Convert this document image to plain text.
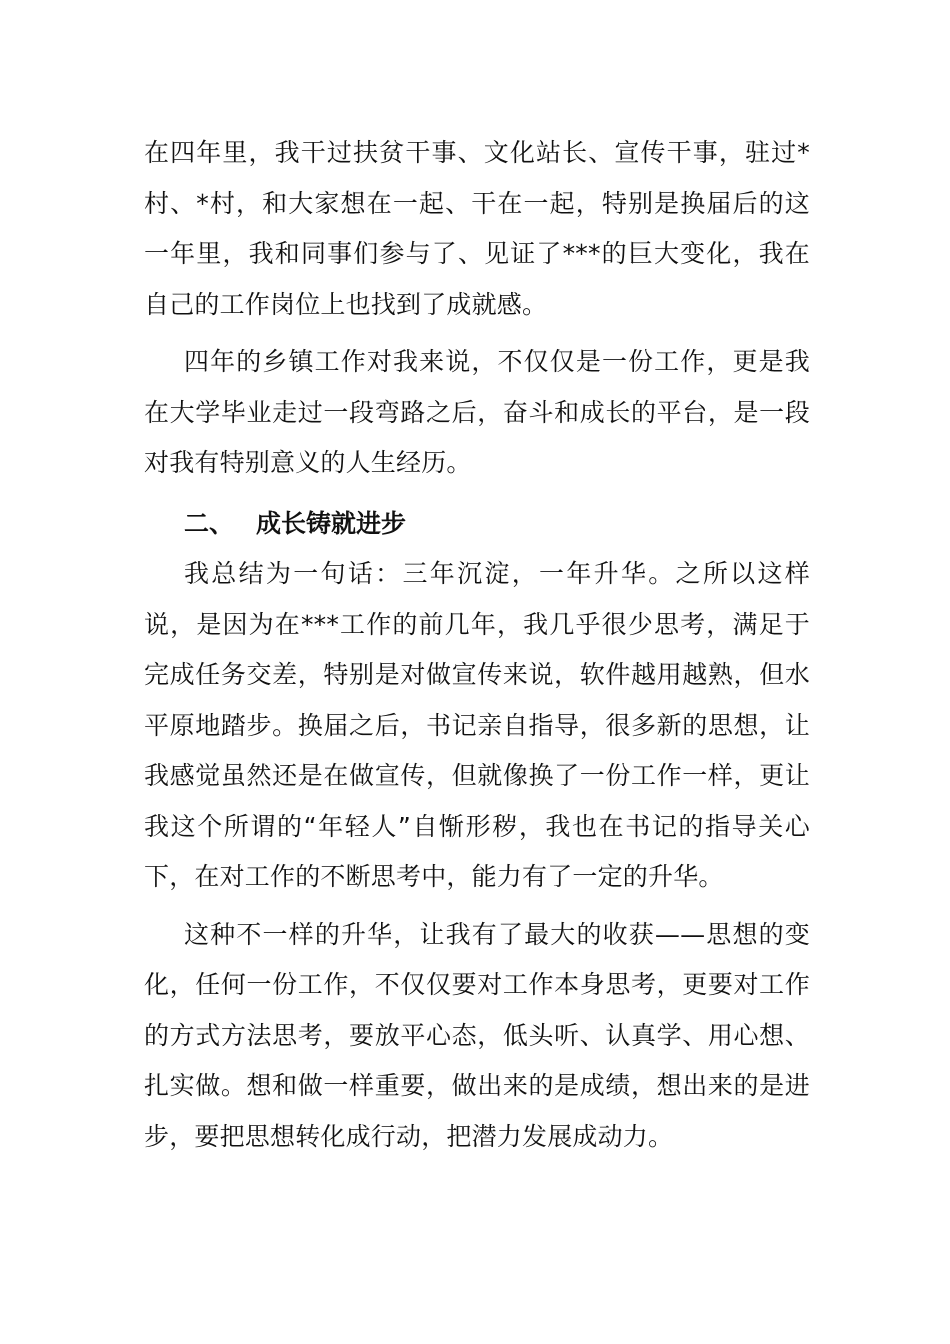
在四年里，我干过扶贫干事、文化站长、宣传干事，驻过*村、*村，和大家想在一起、干在一起，特别是换届后的这一年里，我和同事们参与了、见证了***的巨大变化，我在自己的工作岗位上也找到了成就感。

四年的乡镇工作对我来说，不仅仅是一份工作，更是我在大学毕业走过一段弯路之后，奋斗和成长的平台，是一段对我有特别意义的人生经历。

二、 成长铸就进步

我总结为一句话：三年沉淀，一年升华。之所以这样说，是因为在***工作的前几年，我几乎很少思考，满足于完成任务交差，特别是对做宣传来说，软件越用越熟，但水平原地踏步。换届之后，书记亲自指导，很多新的思想，让我感觉虽然还是在做宣传，但就像换了一份工作一样，更让我这个所谓的“年轻人”自惭形秽，我也在书记的指导关心下，在对工作的不断思考中，能力有了一定的升华。

这种不一样的升华，让我有了最大的收获——思想的变化，任何一份工作，不仅仅要对工作本身思考，更要对工作的方式方法思考，要放平心态，低头听、认真学、用心想、扎实做。想和做一样重要，做出来的是成绩，想出来的是进步，要把思想转化成行动，把潜力发展成动力。
